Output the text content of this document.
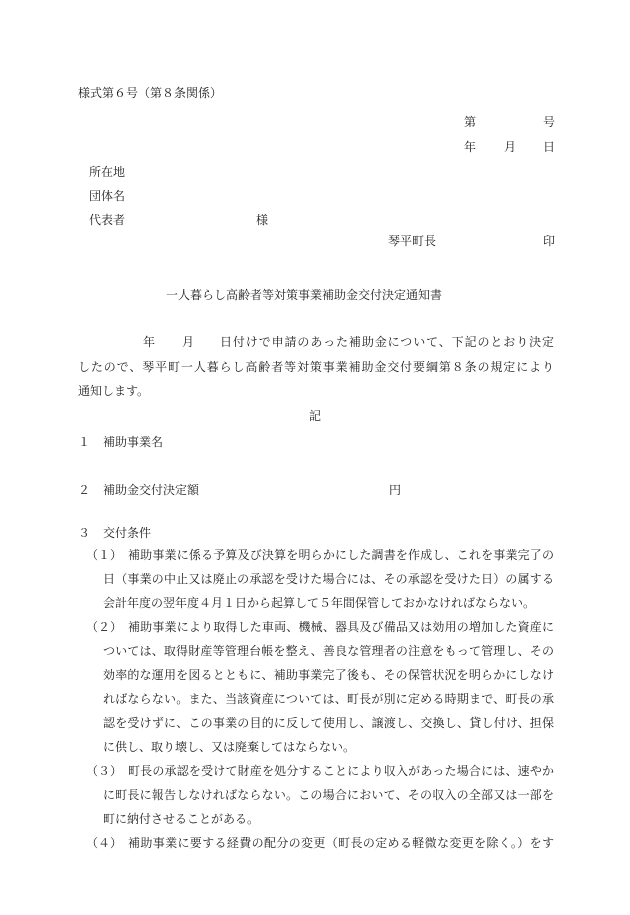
様式第６号（第８条関係）
第	号
年 月 日
所在地
団体名
代表者	様
琴平町長	印
一人暮らし高齢者等対策事業補助金交付決定通知書
年 月 日付けで申請のあった補助金について、下記のとおり決定
したので、琴平町一人暮らし高齢者等対策事業補助金交付要綱第８条の規定により
通知します。
記
１ 補助事業名
２ 補助金交付決定額	円
３ 交付条件
（１） 補助事業に係る予算及び決算を明らかにした調書を作成し、これを事業完了の
日（事業の中止又は廃止の承認を受けた場合には、その承認を受けた日）の属する
会計年度の翌年度４月１日から起算して５年間保管しておかなければならない。
（２） 補助事業により取得した車両、機械、器具及び備品又は効用の増加した資産に
ついては、取得財産等管理台帳を整え、善良な管理者の注意をもって管理し、その
効率的な運用を図るとともに、補助事業完了後も、その保管状況を明らかにしなけ
ればならない。また、当該資産については、町長が別に定める時期まで、町長の承
認を受けずに、この事業の目的に反して使用し、譲渡し、交換し、貸し付け、担保
に供し、取り壊し、又は廃棄してはならない。
（３） 町長の承認を受けて財産を処分することにより収入があった場合には、速やか
に町長に報告しなければならない。この場合において、その収入の全部又は一部を
町に納付させることがある。
（４） 補助事業に要する経費の配分の変更（町長の定める軽微な変更を除く。）をす
